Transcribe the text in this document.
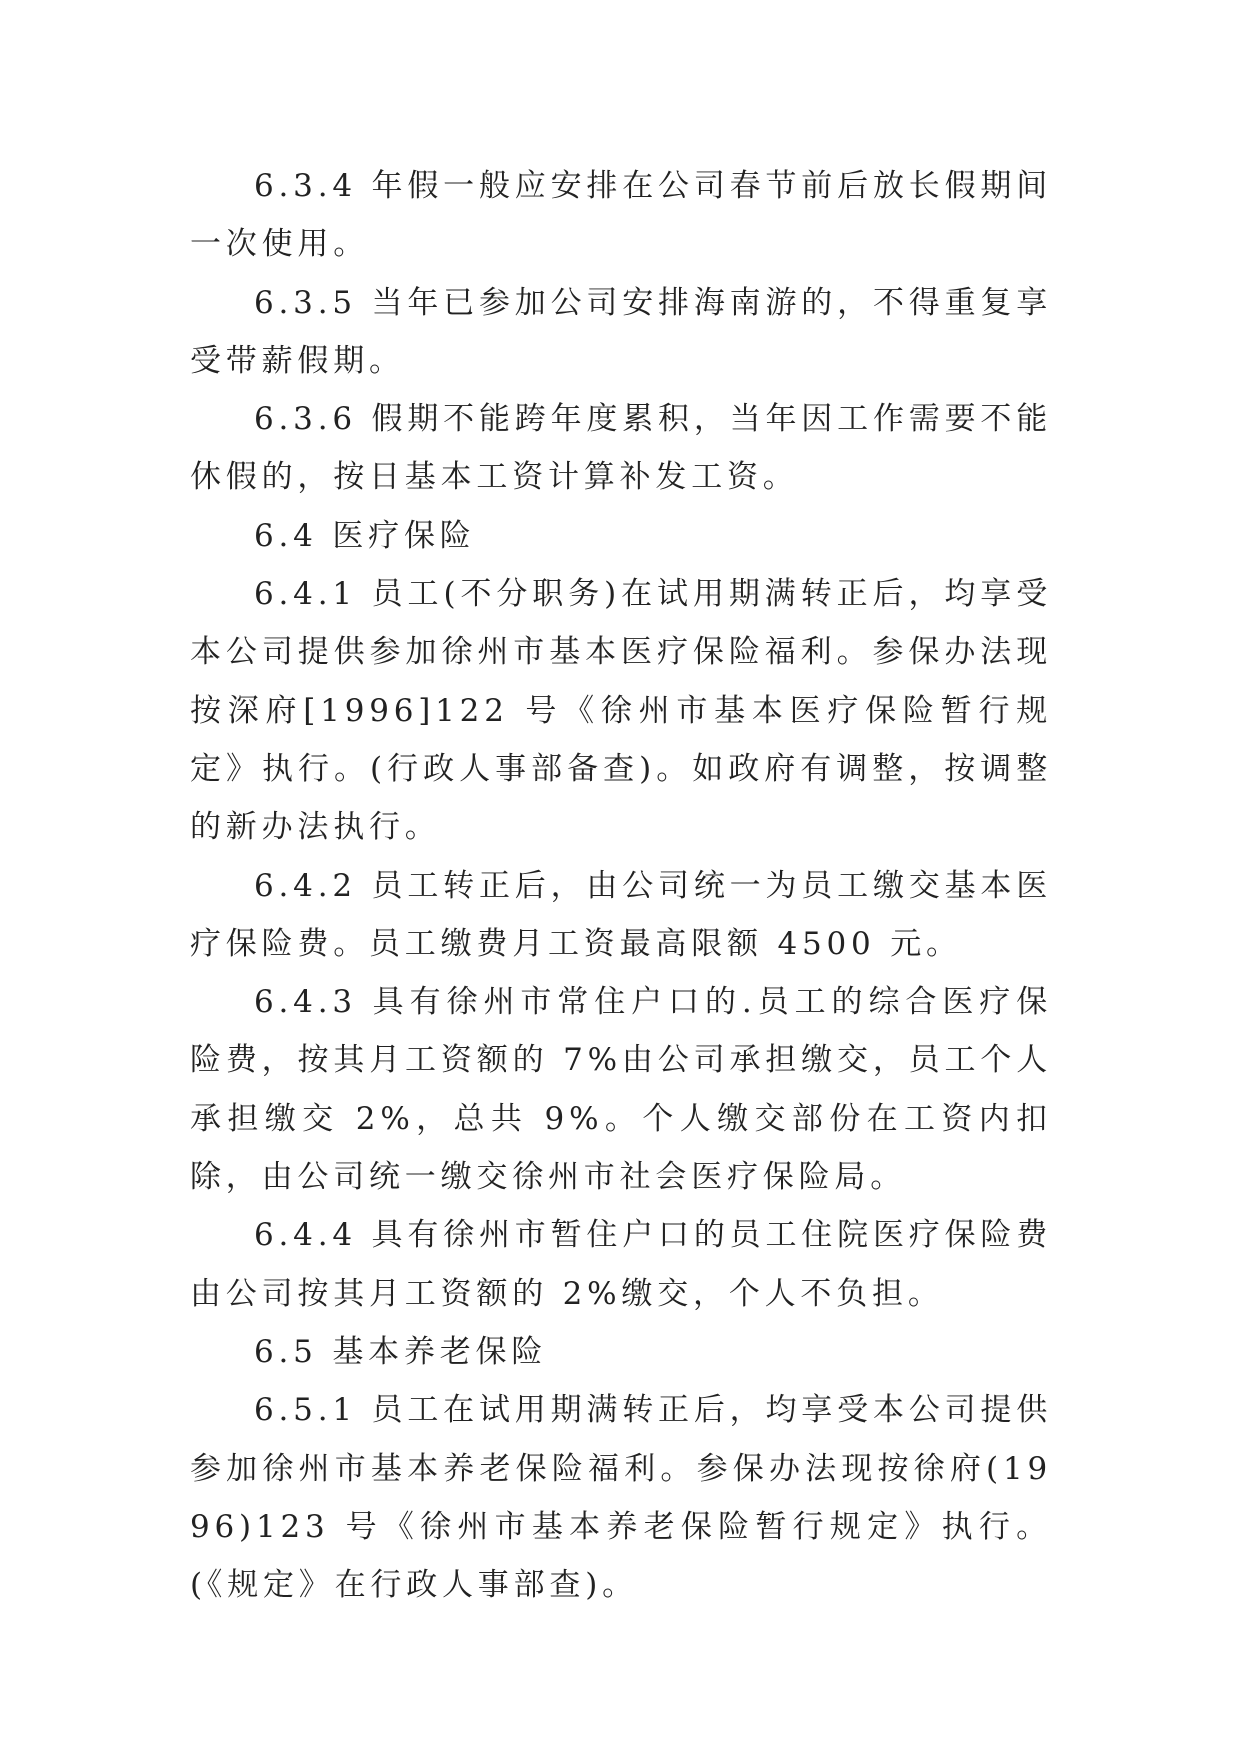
6.3.4 年假一般应安排在公司春节前后放长假期间一次使用。

6.3.5 当年已参加公司安排海南游的，不得重复享受带薪假期。

6.3.6 假期不能跨年度累积，当年因工作需要不能休假的，按日基本工资计算补发工资。

6.4 医疗保险

6.4.1 员工(不分职务)在试用期满转正后，均享受本公司提供参加徐州市基本医疗保险福利。参保办法现按深府[1996]122 号《徐州市基本医疗保险暂行规定》执行。(行政人事部备查)。如政府有调整，按调整的新办法执行。

6.4.2 员工转正后，由公司统一为员工缴交基本医疗保险费。员工缴费月工资最高限额 4500 元。

6.4.3 具有徐州市常住户口的.员工的综合医疗保险费，按其月工资额的 7%由公司承担缴交，员工个人承担缴交 2%，总共 9%。个人缴交部份在工资内扣除，由公司统一缴交徐州市社会医疗保险局。

6.4.4 具有徐州市暂住户口的员工住院医疗保险费由公司按其月工资额的 2%缴交，个人不负担。

6.5 基本养老保险

6.5.1 员工在试用期满转正后，均享受本公司提供参加徐州市基本养老保险福利。参保办法现按徐府(1996)123 号《徐州市基本养老保险暂行规定》执行。(《规定》在行政人事部查)。
